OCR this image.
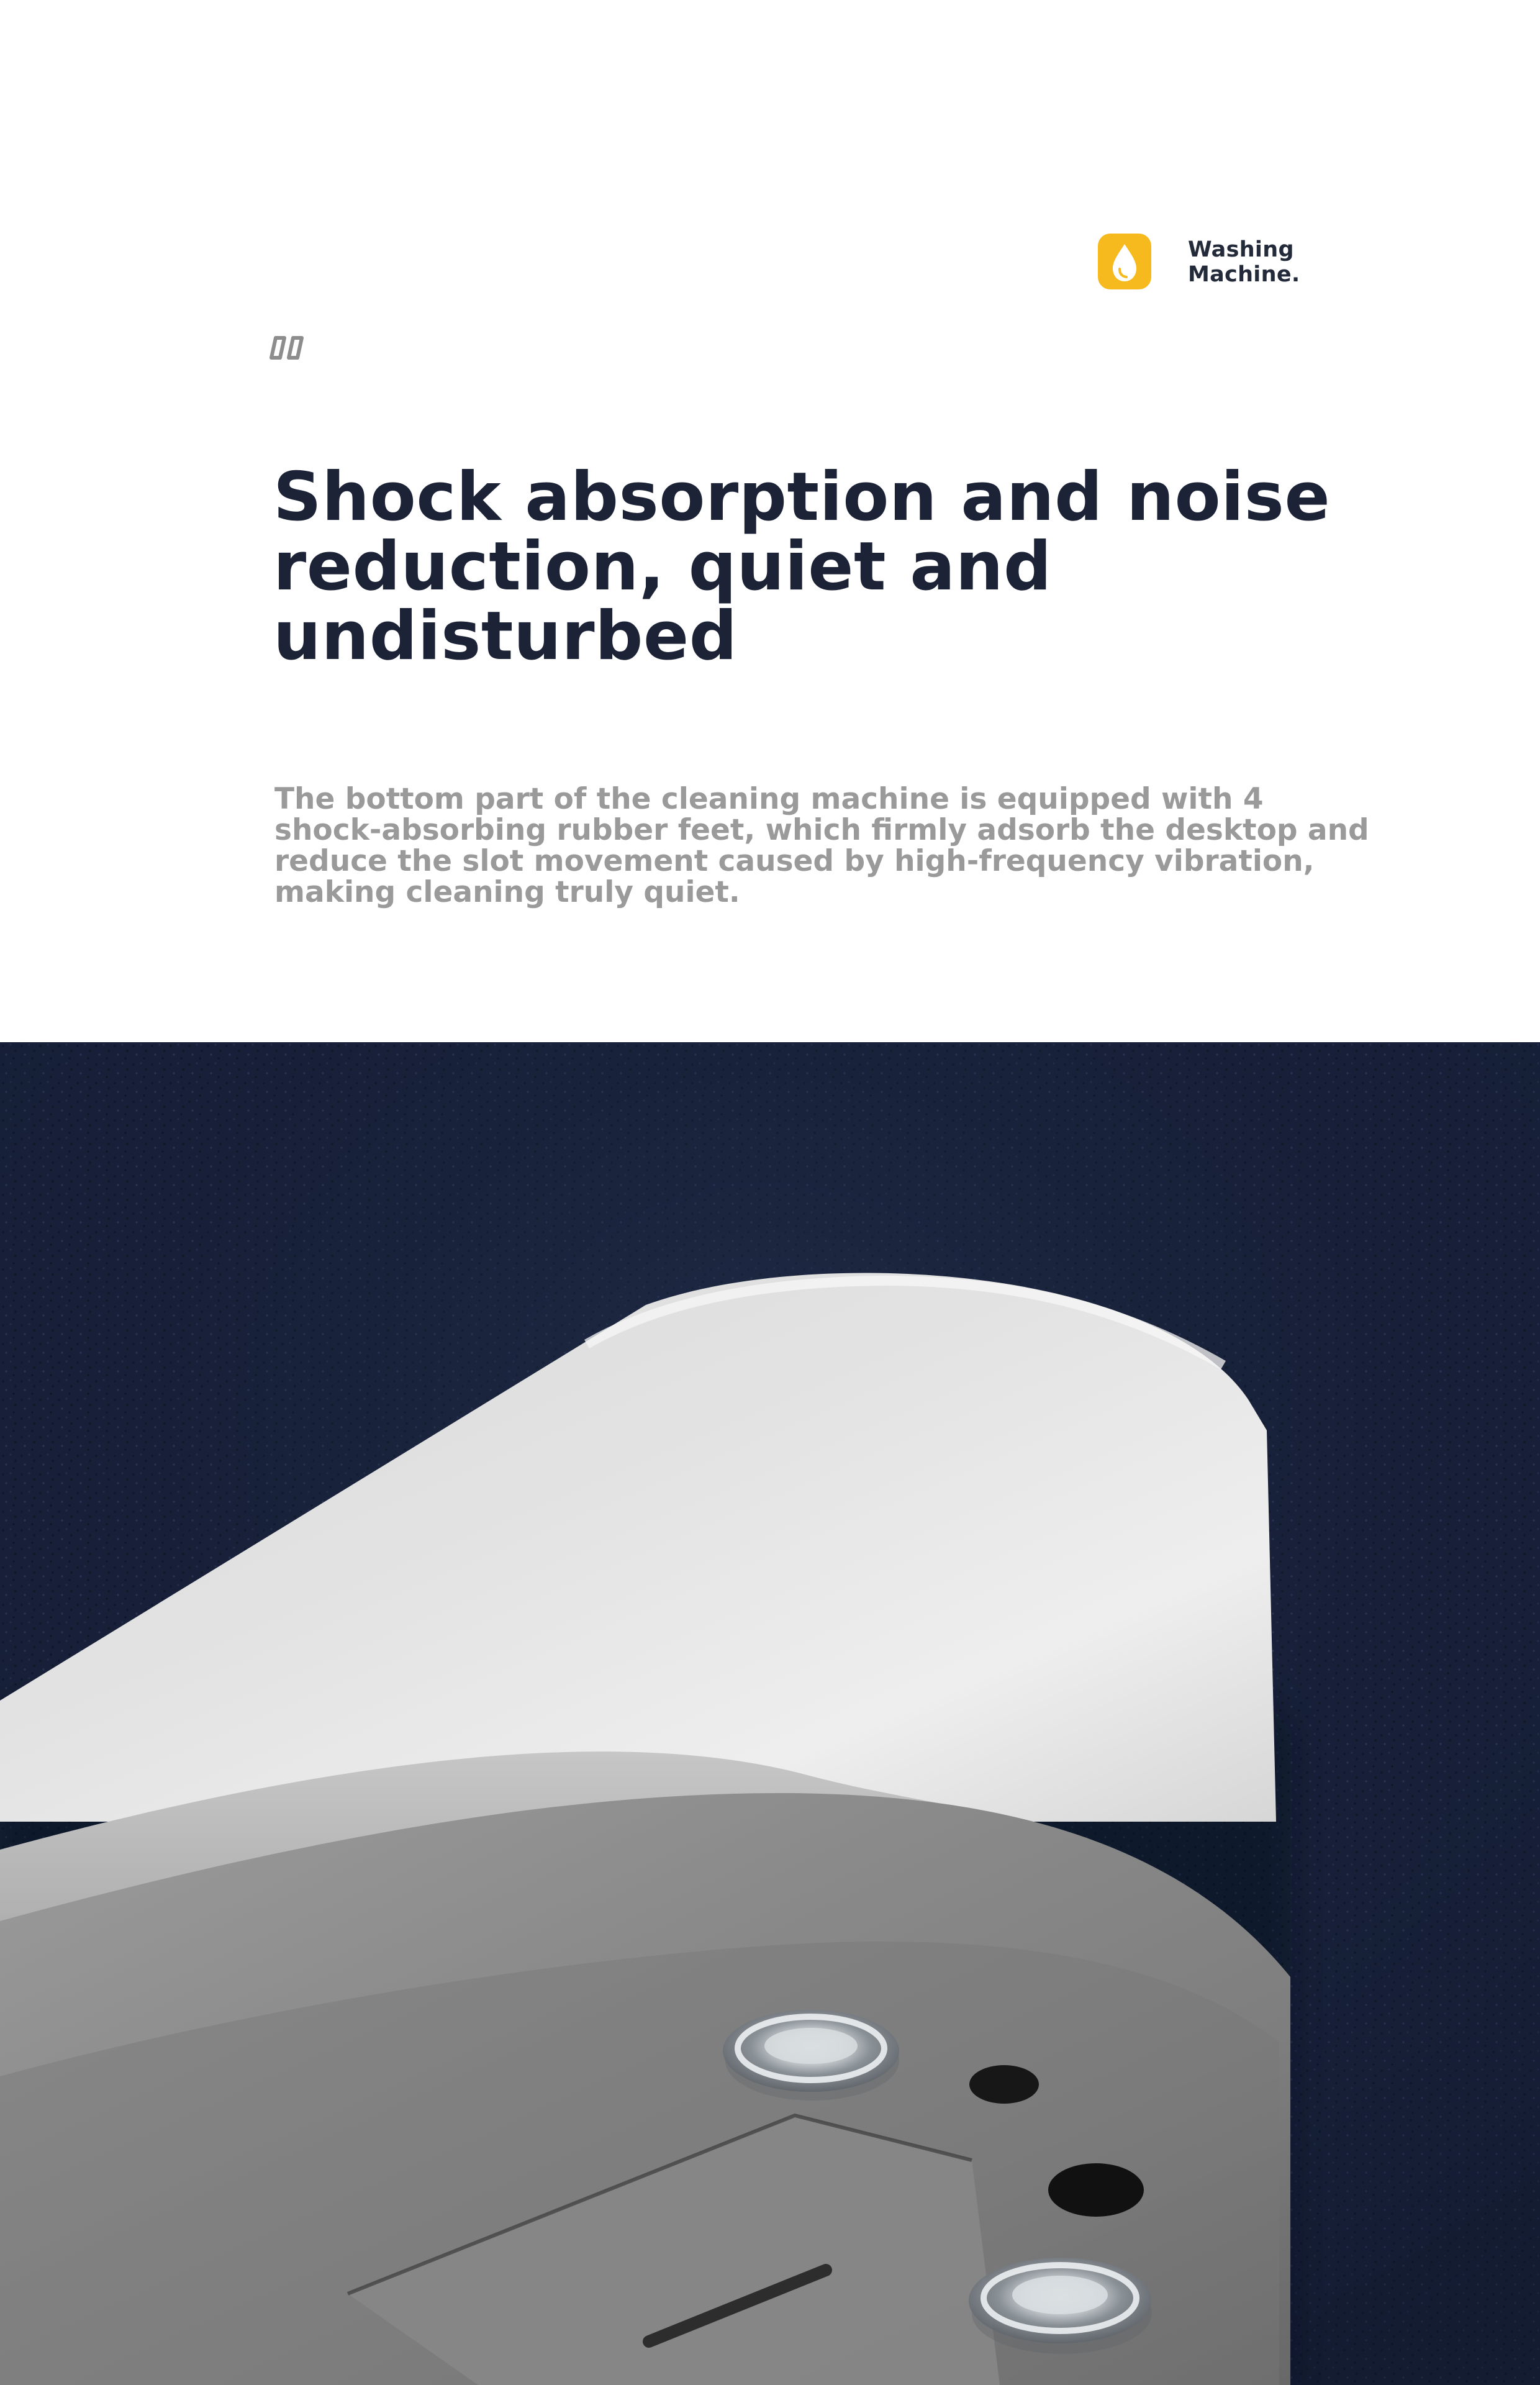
Washing
Machine.
Shock absorption and noise
reduction, quiet and
undisturbed

The bottom part of the cleaning machine is equipped with 4
shock-absorbing rubber feet, which firmly adsorb the desktop and
reduce the slot movement caused by high-frequency vibration,
making cleaning truly quiet.
